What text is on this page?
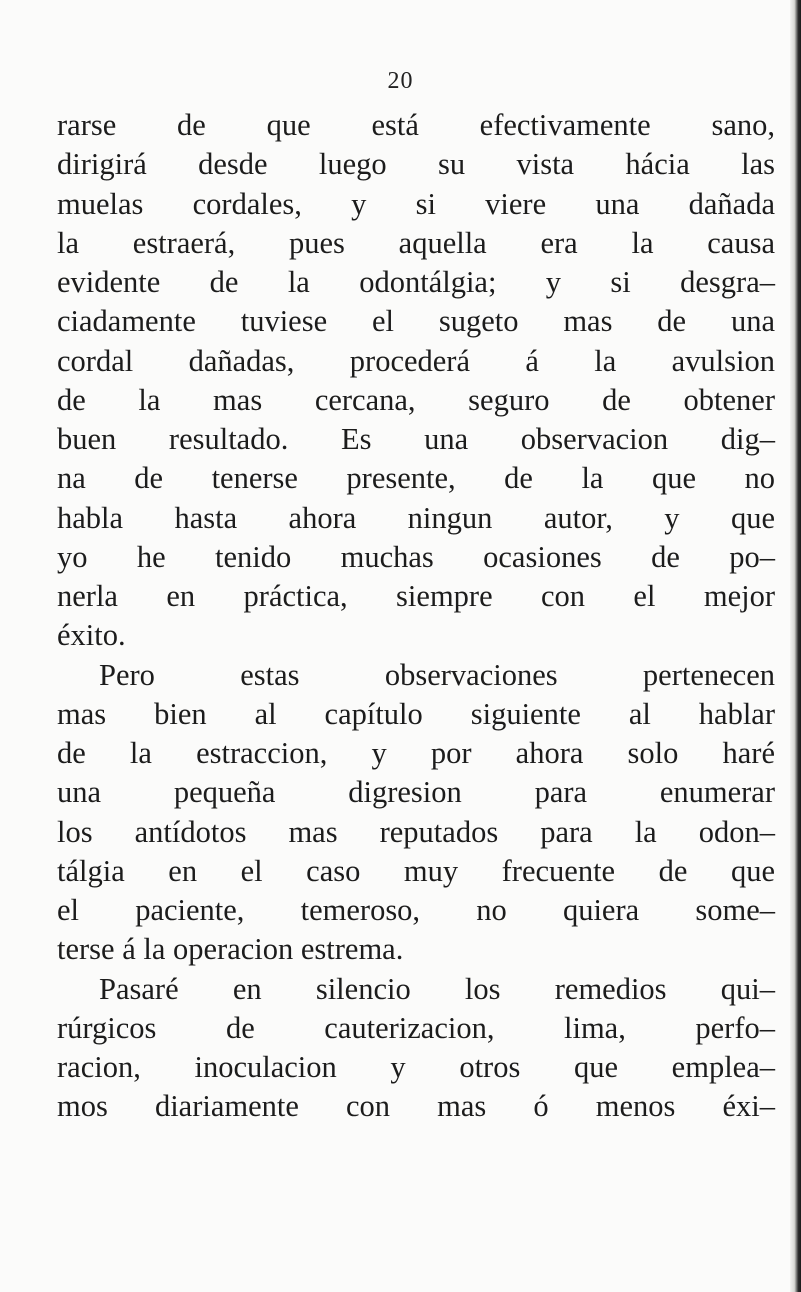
20
rarse de que está efectivamente sano,
dirigirá desde luego su vista hácia las
muelas cordales, y si viere una dañada
la estraerá, pues aquella era la causa
evidente de la odontálgia; y si desgra–
ciadamente tuviese el sugeto mas de una
cordal dañadas, procederá á la avulsion
de la mas cercana, seguro de obtener
buen resultado. Es una observacion dig–
na de tenerse presente, de la que no
habla hasta ahora ningun autor, y que
yo he tenido muchas ocasiones de po–
nerla en práctica, siempre con el mejor
éxito.
Pero estas observaciones pertenecen
mas bien al capítulo siguiente al hablar
de la estraccion, y por ahora solo haré
una pequeña digresion para enumerar
los antídotos mas reputados para la odon–
tálgia en el caso muy frecuente de que
el paciente, temeroso, no quiera some–
terse á la operacion estrema.
Pasaré en silencio los remedios qui–
rúrgicos de cauterizacion, lima, perfo–
racion, inoculacion y otros que emplea–
mos diariamente con mas ó menos éxi–
